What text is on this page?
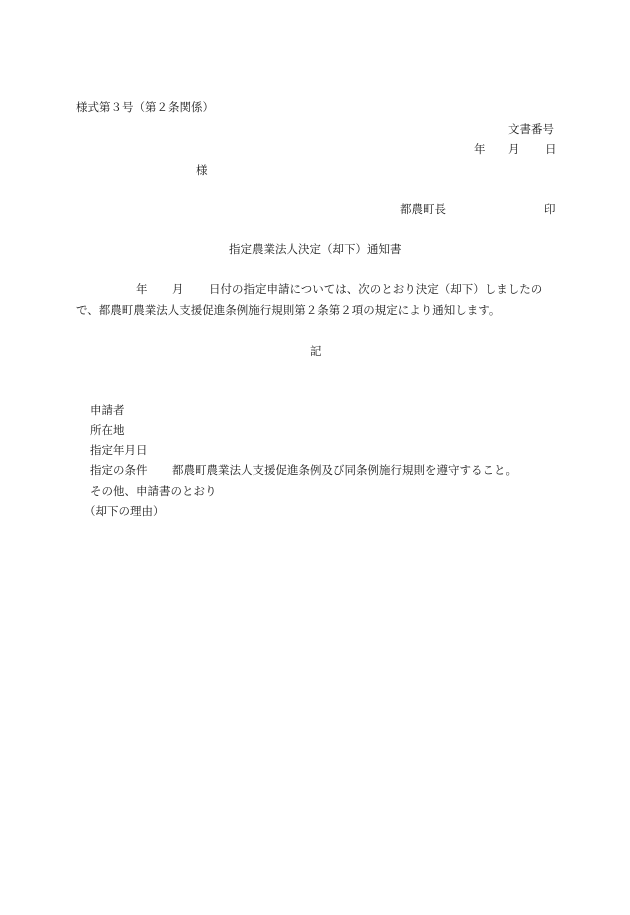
様式第３号（第２条関係）
文書番号
年 月 日
様
都農町長	印
指定農業法人決定（却下）通知書
年 月 日付の指定申請については、次のとおり決定（却下）しましたの
で、都農町農業法人支援促進条例施行規則第２条第２項の規定により通知します。
記
申請者
所在地
指定年月日
指定の条件 都農町農業法人支援促進条例及び同条例施行規則を遵守すること。
その他、申請書のとおり
（却下の理由）
